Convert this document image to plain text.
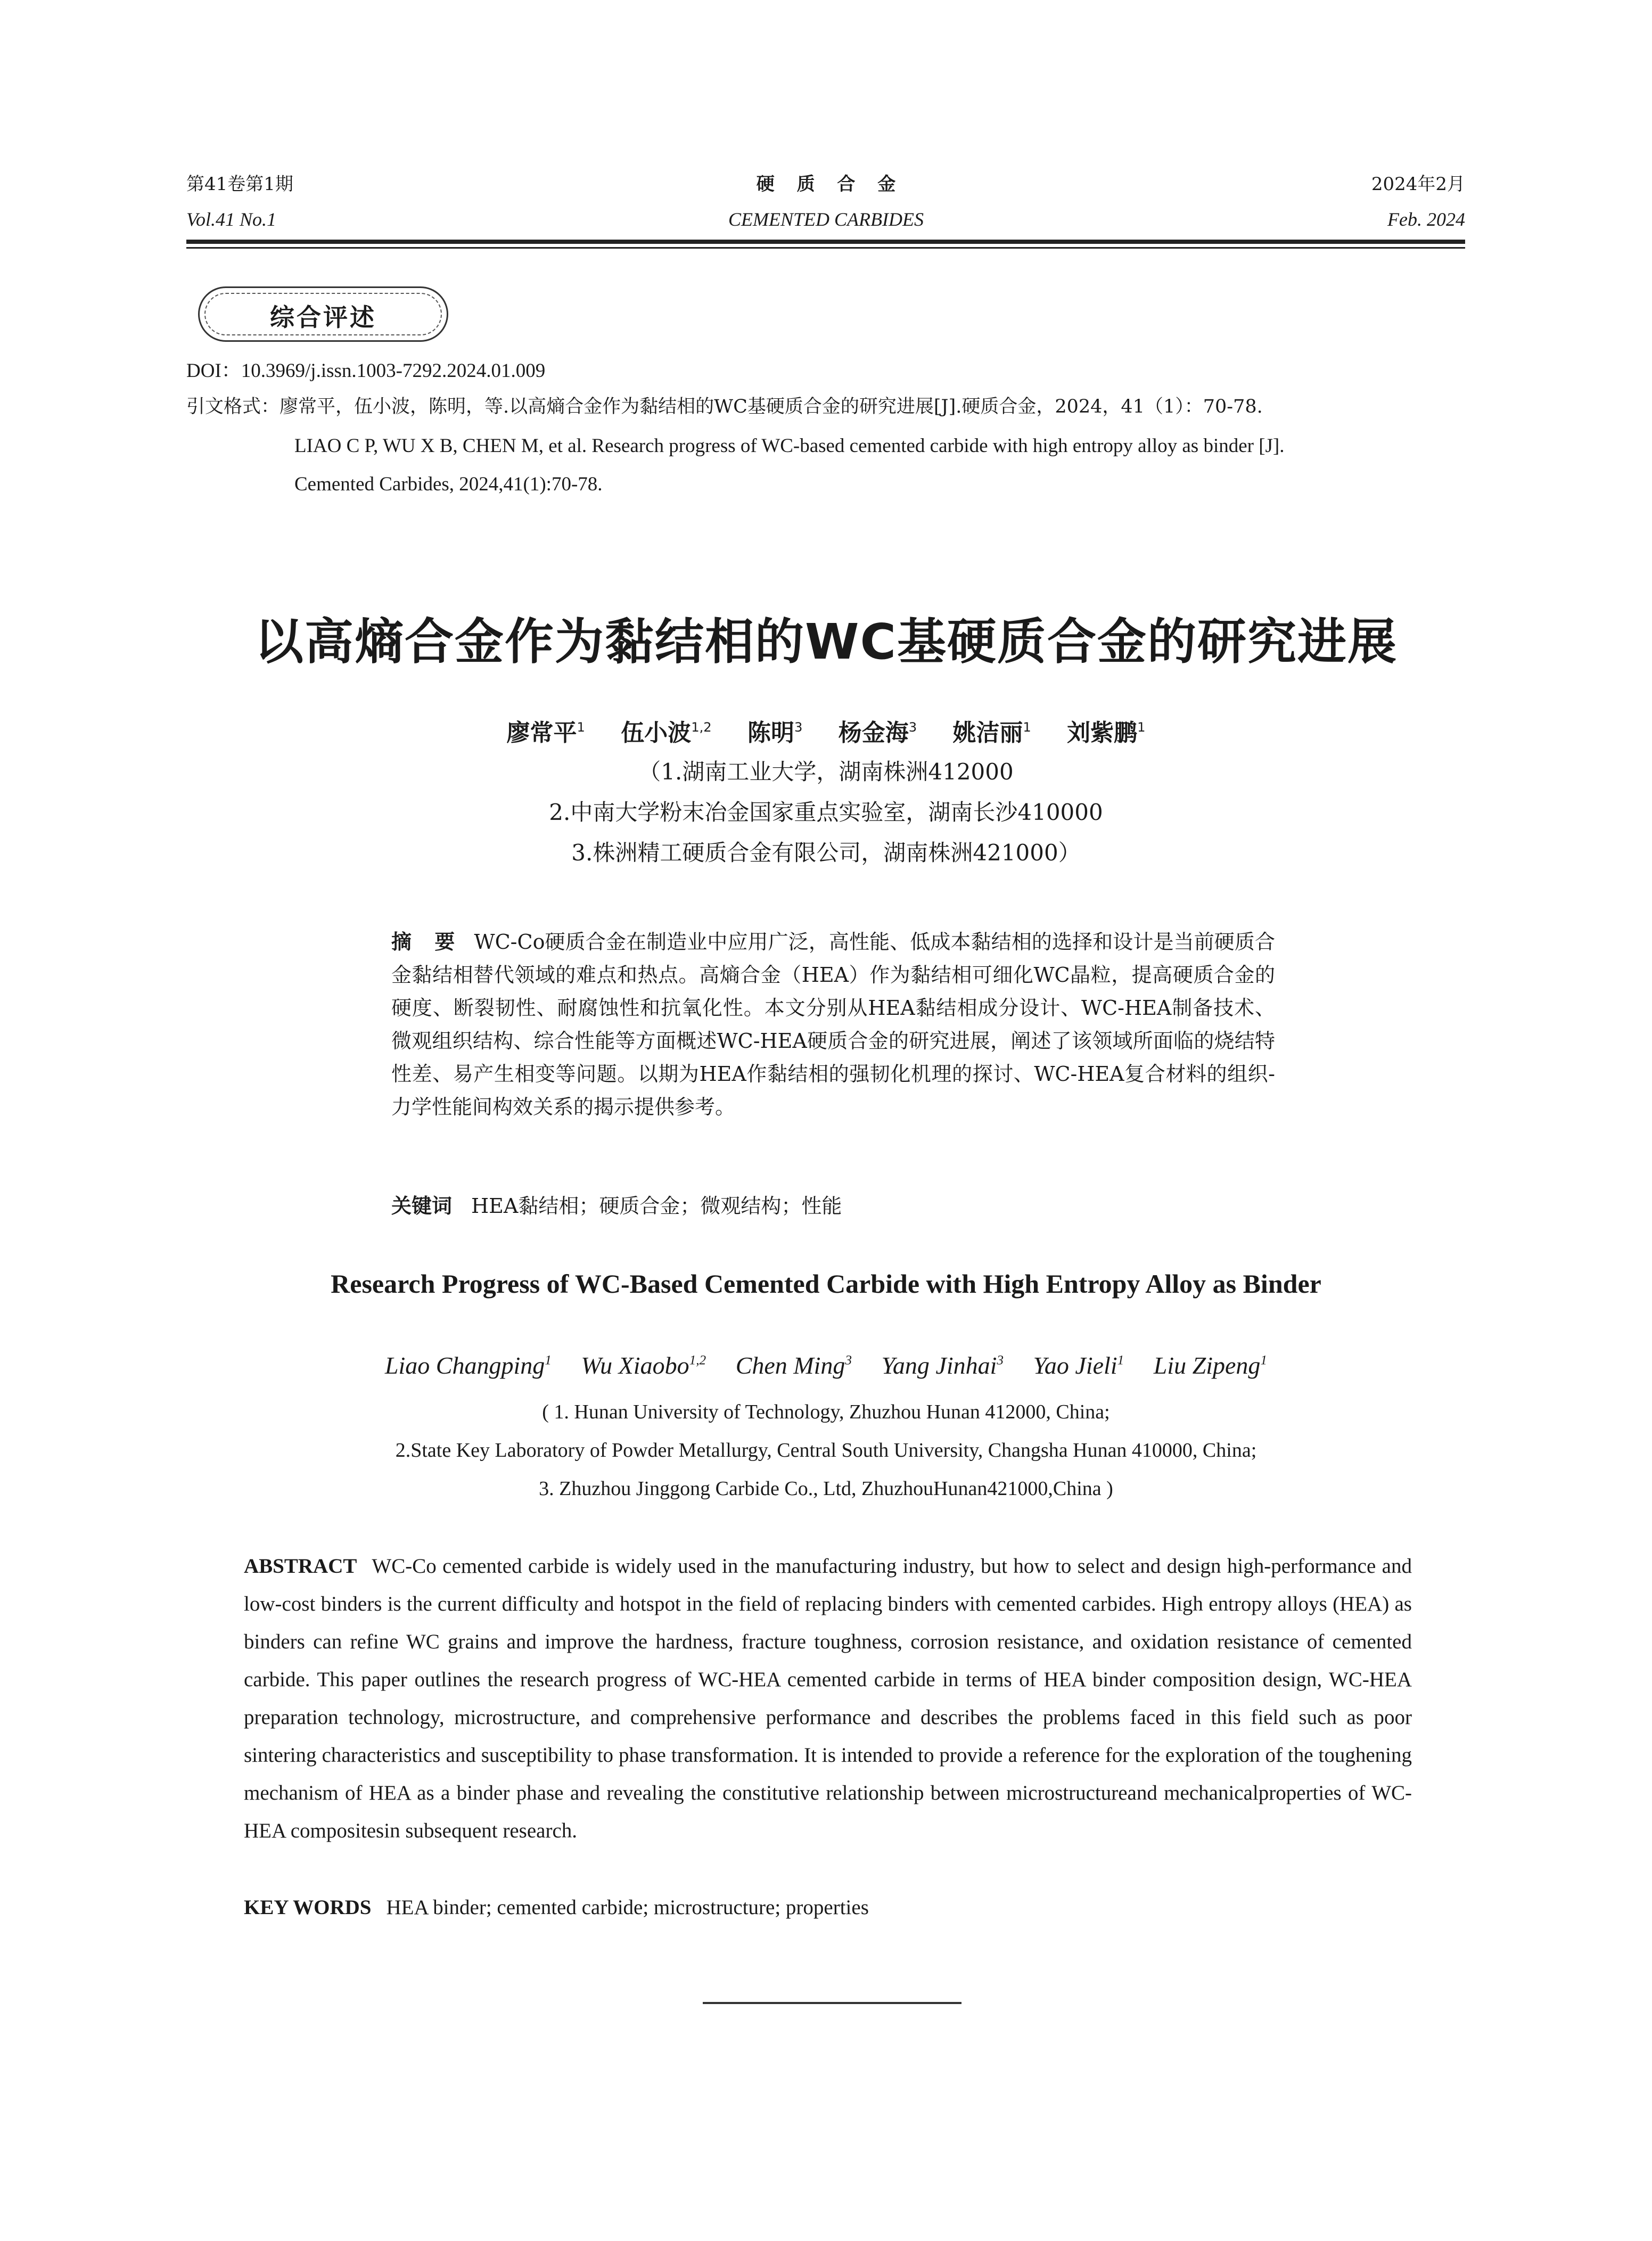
第41卷第1期
Vol.41 No.1
硬 质 合 金
CEMENTED CARBIDES
2024年2月
Feb. 2024
综合评述
DOI：10.3969/j.issn.1003-7292.2024.01.009
引文格式：廖常平，伍小波，陈明，等.以高熵合金作为黏结相的WC基硬质合金的研究进展[J].硬质合金，2024，41（1）：70-78.
LIAO C P, WU X B, CHEN M, et al. Research progress of WC-based cemented carbide with high entropy alloy as binder [J].
Cemented Carbides, 2024,41(1):70-78.
以高熵合金作为黏结相的WC基硬质合金的研究进展
廖常平$^1$ 伍小波$^{1,2}$ 陈明$^3$ 杨金海$^3$ 姚洁丽$^1$ 刘紫鹏$^1$
（1.湖南工业大学，湖南株洲412000
2.中南大学粉末冶金国家重点实验室，湖南长沙410000
3.株洲精工硬质合金有限公司，湖南株洲421000）
摘 要 WC-Co硬质合金在制造业中应用广泛，高性能、低成本黏结相的选择和设计是当前硬质合金黏结相替代领域的难点和热点。高熵合金（HEA）作为黏结相可细化WC晶粒，提高硬质合金的硬度、断裂韧性、耐腐蚀性和抗氧化性。本文分别从HEA黏结相成分设计、WC-HEA制备技术、微观组织结构、综合性能等方面概述WC-HEA硬质合金的研究进展，阐述了该领域所面临的烧结特性差、易产生相变等问题。以期为HEA作黏结相的强韧化机理的探讨、WC-HEA复合材料的组织-力学性能间构效关系的揭示提供参考。
关键词 HEA黏结相；硬质合金；微观结构；性能
Research Progress of WC-Based Cemented Carbide with High Entropy Alloy as Binder
Liao Changping$^1$ Wu Xiaobo$^{1,2}$ Chen Ming$^3$ Yang Jinhai$^3$ Yao Jieli$^1$ Liu Zipeng$^1$
( 1. Hunan University of Technology, Zhuzhou Hunan 412000, China;
2.State Key Laboratory of Powder Metallurgy, Central South University, Changsha Hunan 410000, China;
3. Zhuzhou Jinggong Carbide Co., Ltd, ZhuzhouHunan421000,China )
ABSTRACT WC-Co cemented carbide is widely used in the manufacturing industry, but how to select and design high-performance and low-cost binders is the current difficulty and hotspot in the field of replacing binders with cemented carbides. High entropy alloys (HEA) as binders can refine WC grains and improve the hardness, fracture toughness, corrosion resistance, and oxidation resistance of cemented carbide. This paper outlines the research progress of WC-HEA cemented carbide in terms of HEA binder composition design, WC-HEA preparation technology, microstructure, and comprehensive performance and describes the problems faced in this field such as poor sintering characteristics and susceptibility to phase transformation. It is intended to provide a reference for the exploration of the toughening mechanism of HEA as a binder phase and revealing the constitutive relationship between microstructureand mechanicalproperties of WC-HEA compositesin subsequent research.
KEY WORDS HEA binder; cemented carbide; microstructure; properties
